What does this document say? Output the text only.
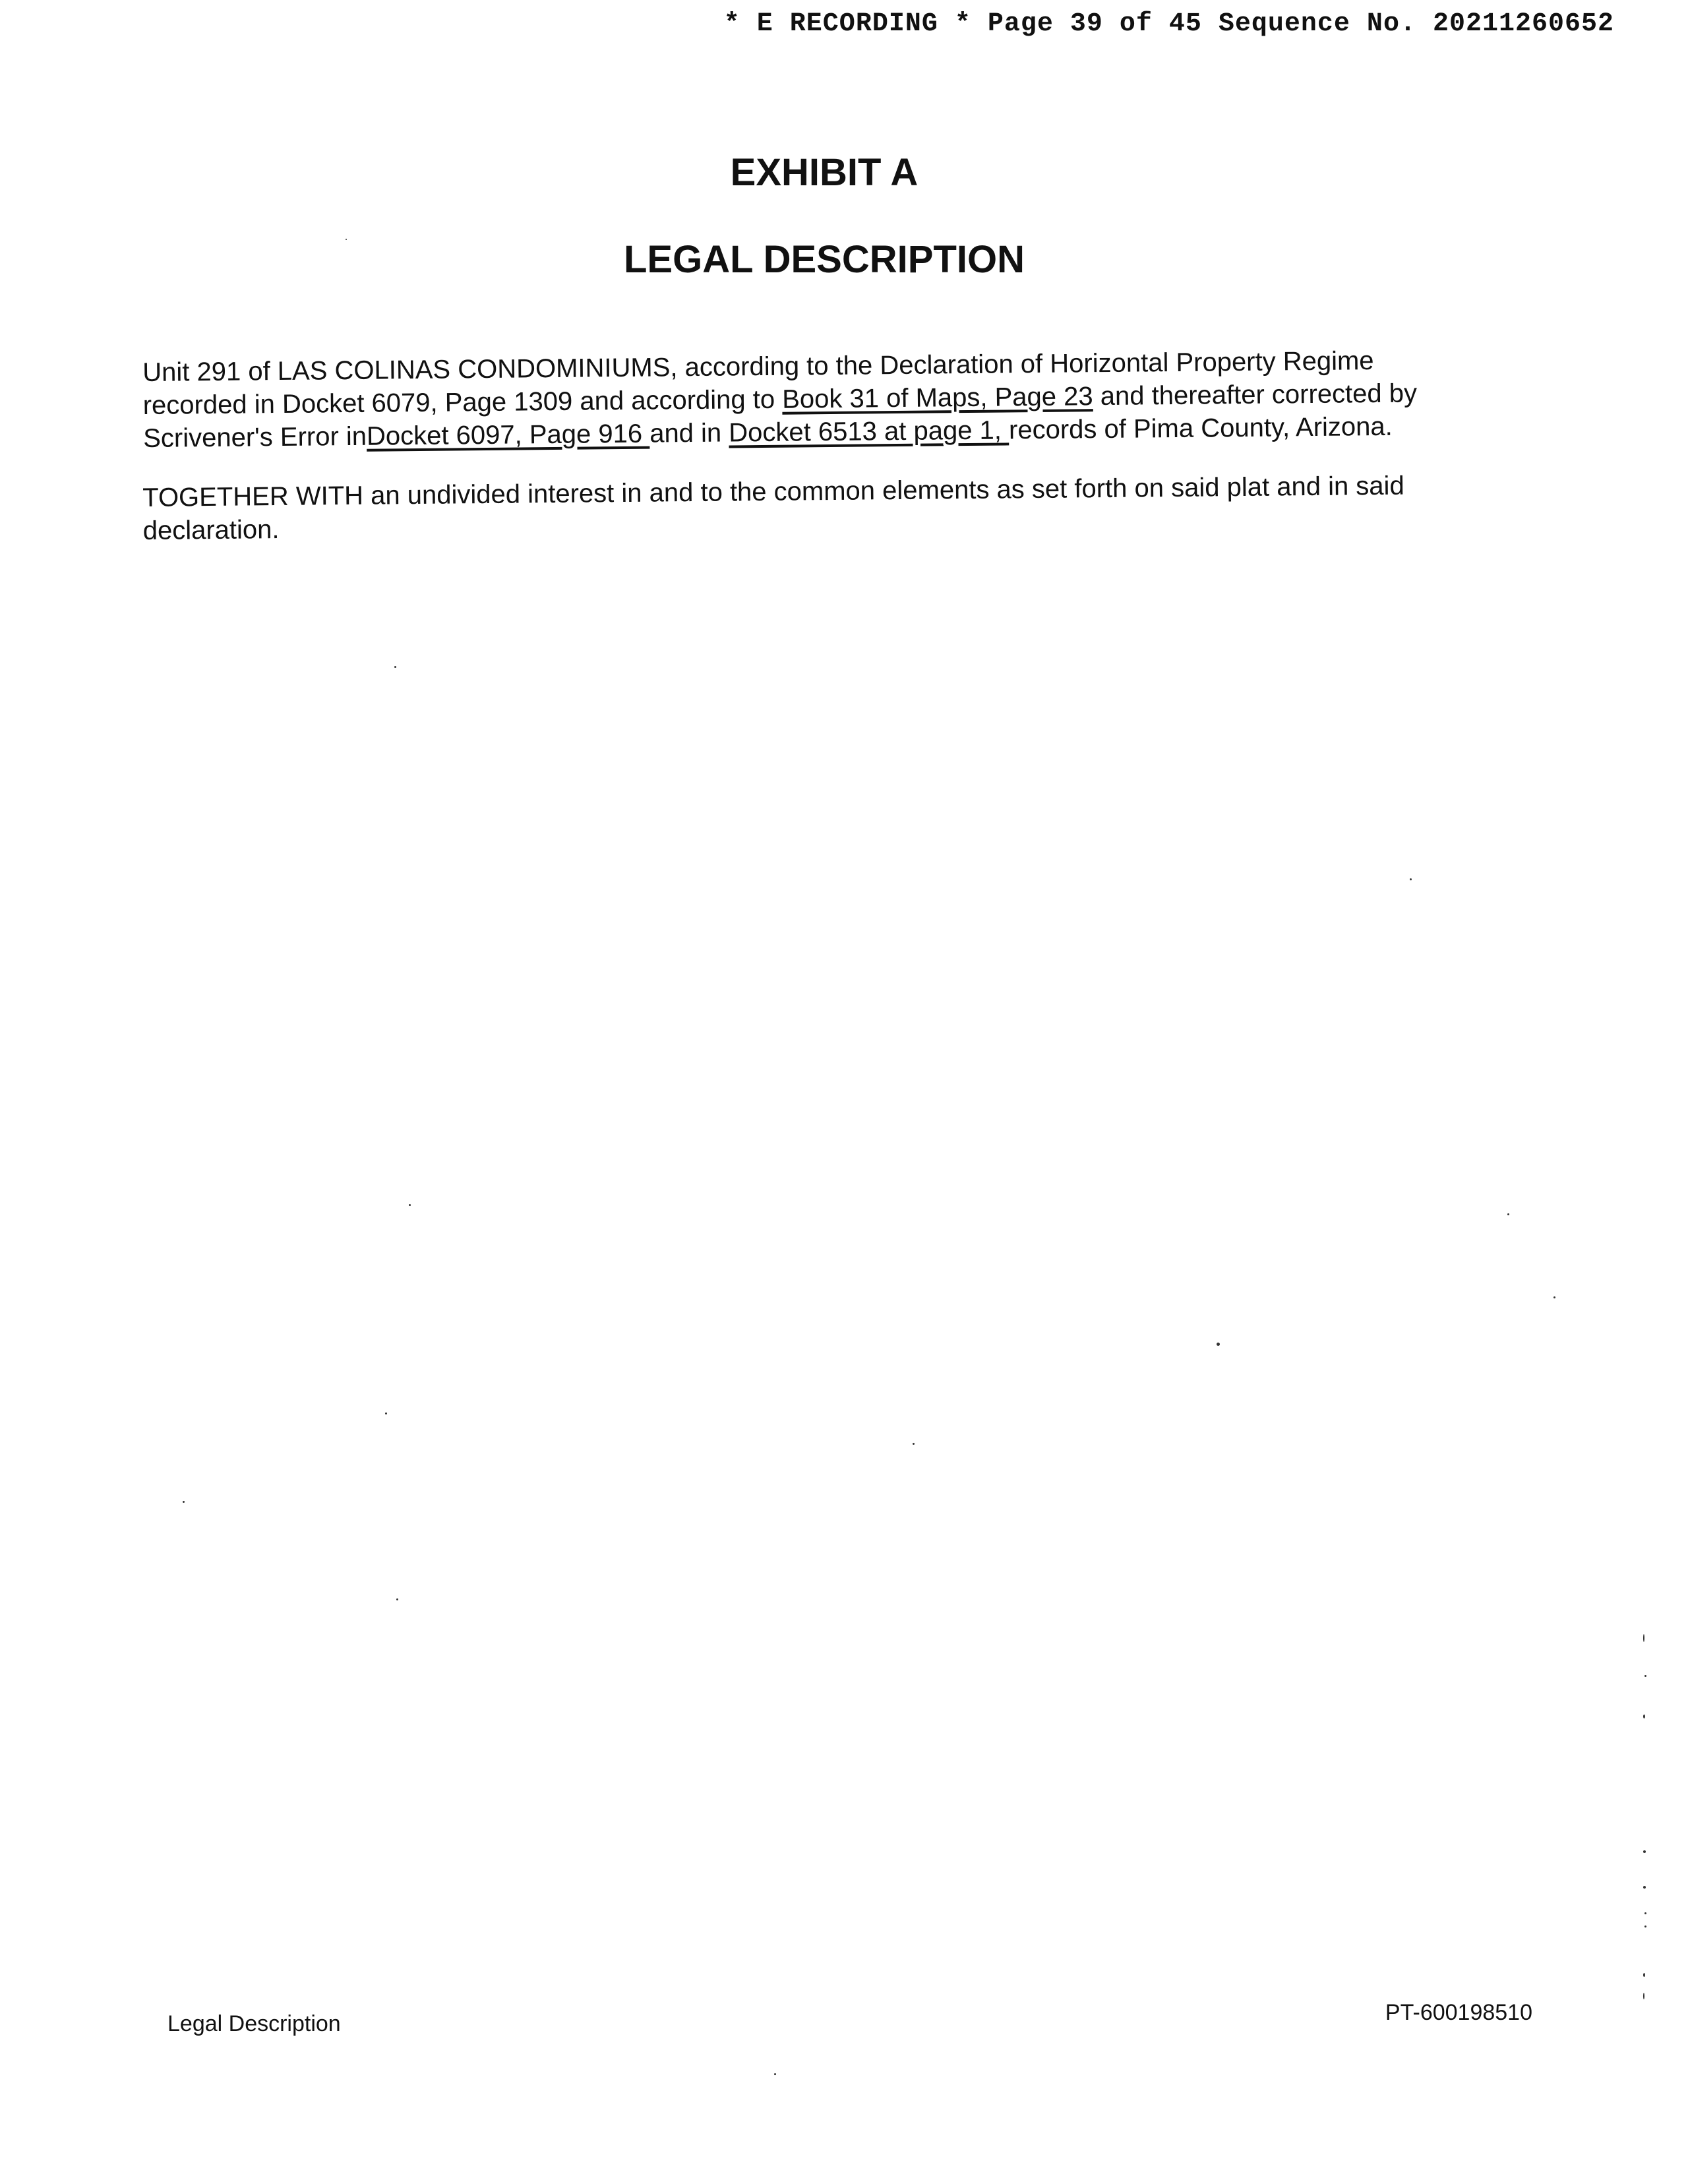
* E RECORDING * Page 39 of 45 Sequence No. 20211260652
EXHIBIT A
LEGAL DESCRIPTION
Unit 291 of LAS COLINAS CONDOMINIUMS, according to the Declaration of Horizontal Property Regime
recorded in Docket 6079, Page 1309 and according to Book 31 of Maps, Page 23 and thereafter corrected by
Scrivener's Error inDocket 6097, Page 916 and in Docket 6513 at page 1, records of Pima County, Arizona.
TOGETHER WITH an undivided interest in and to the common elements as set forth on said plat and in said
declaration.
Legal Description	PT-600198510
